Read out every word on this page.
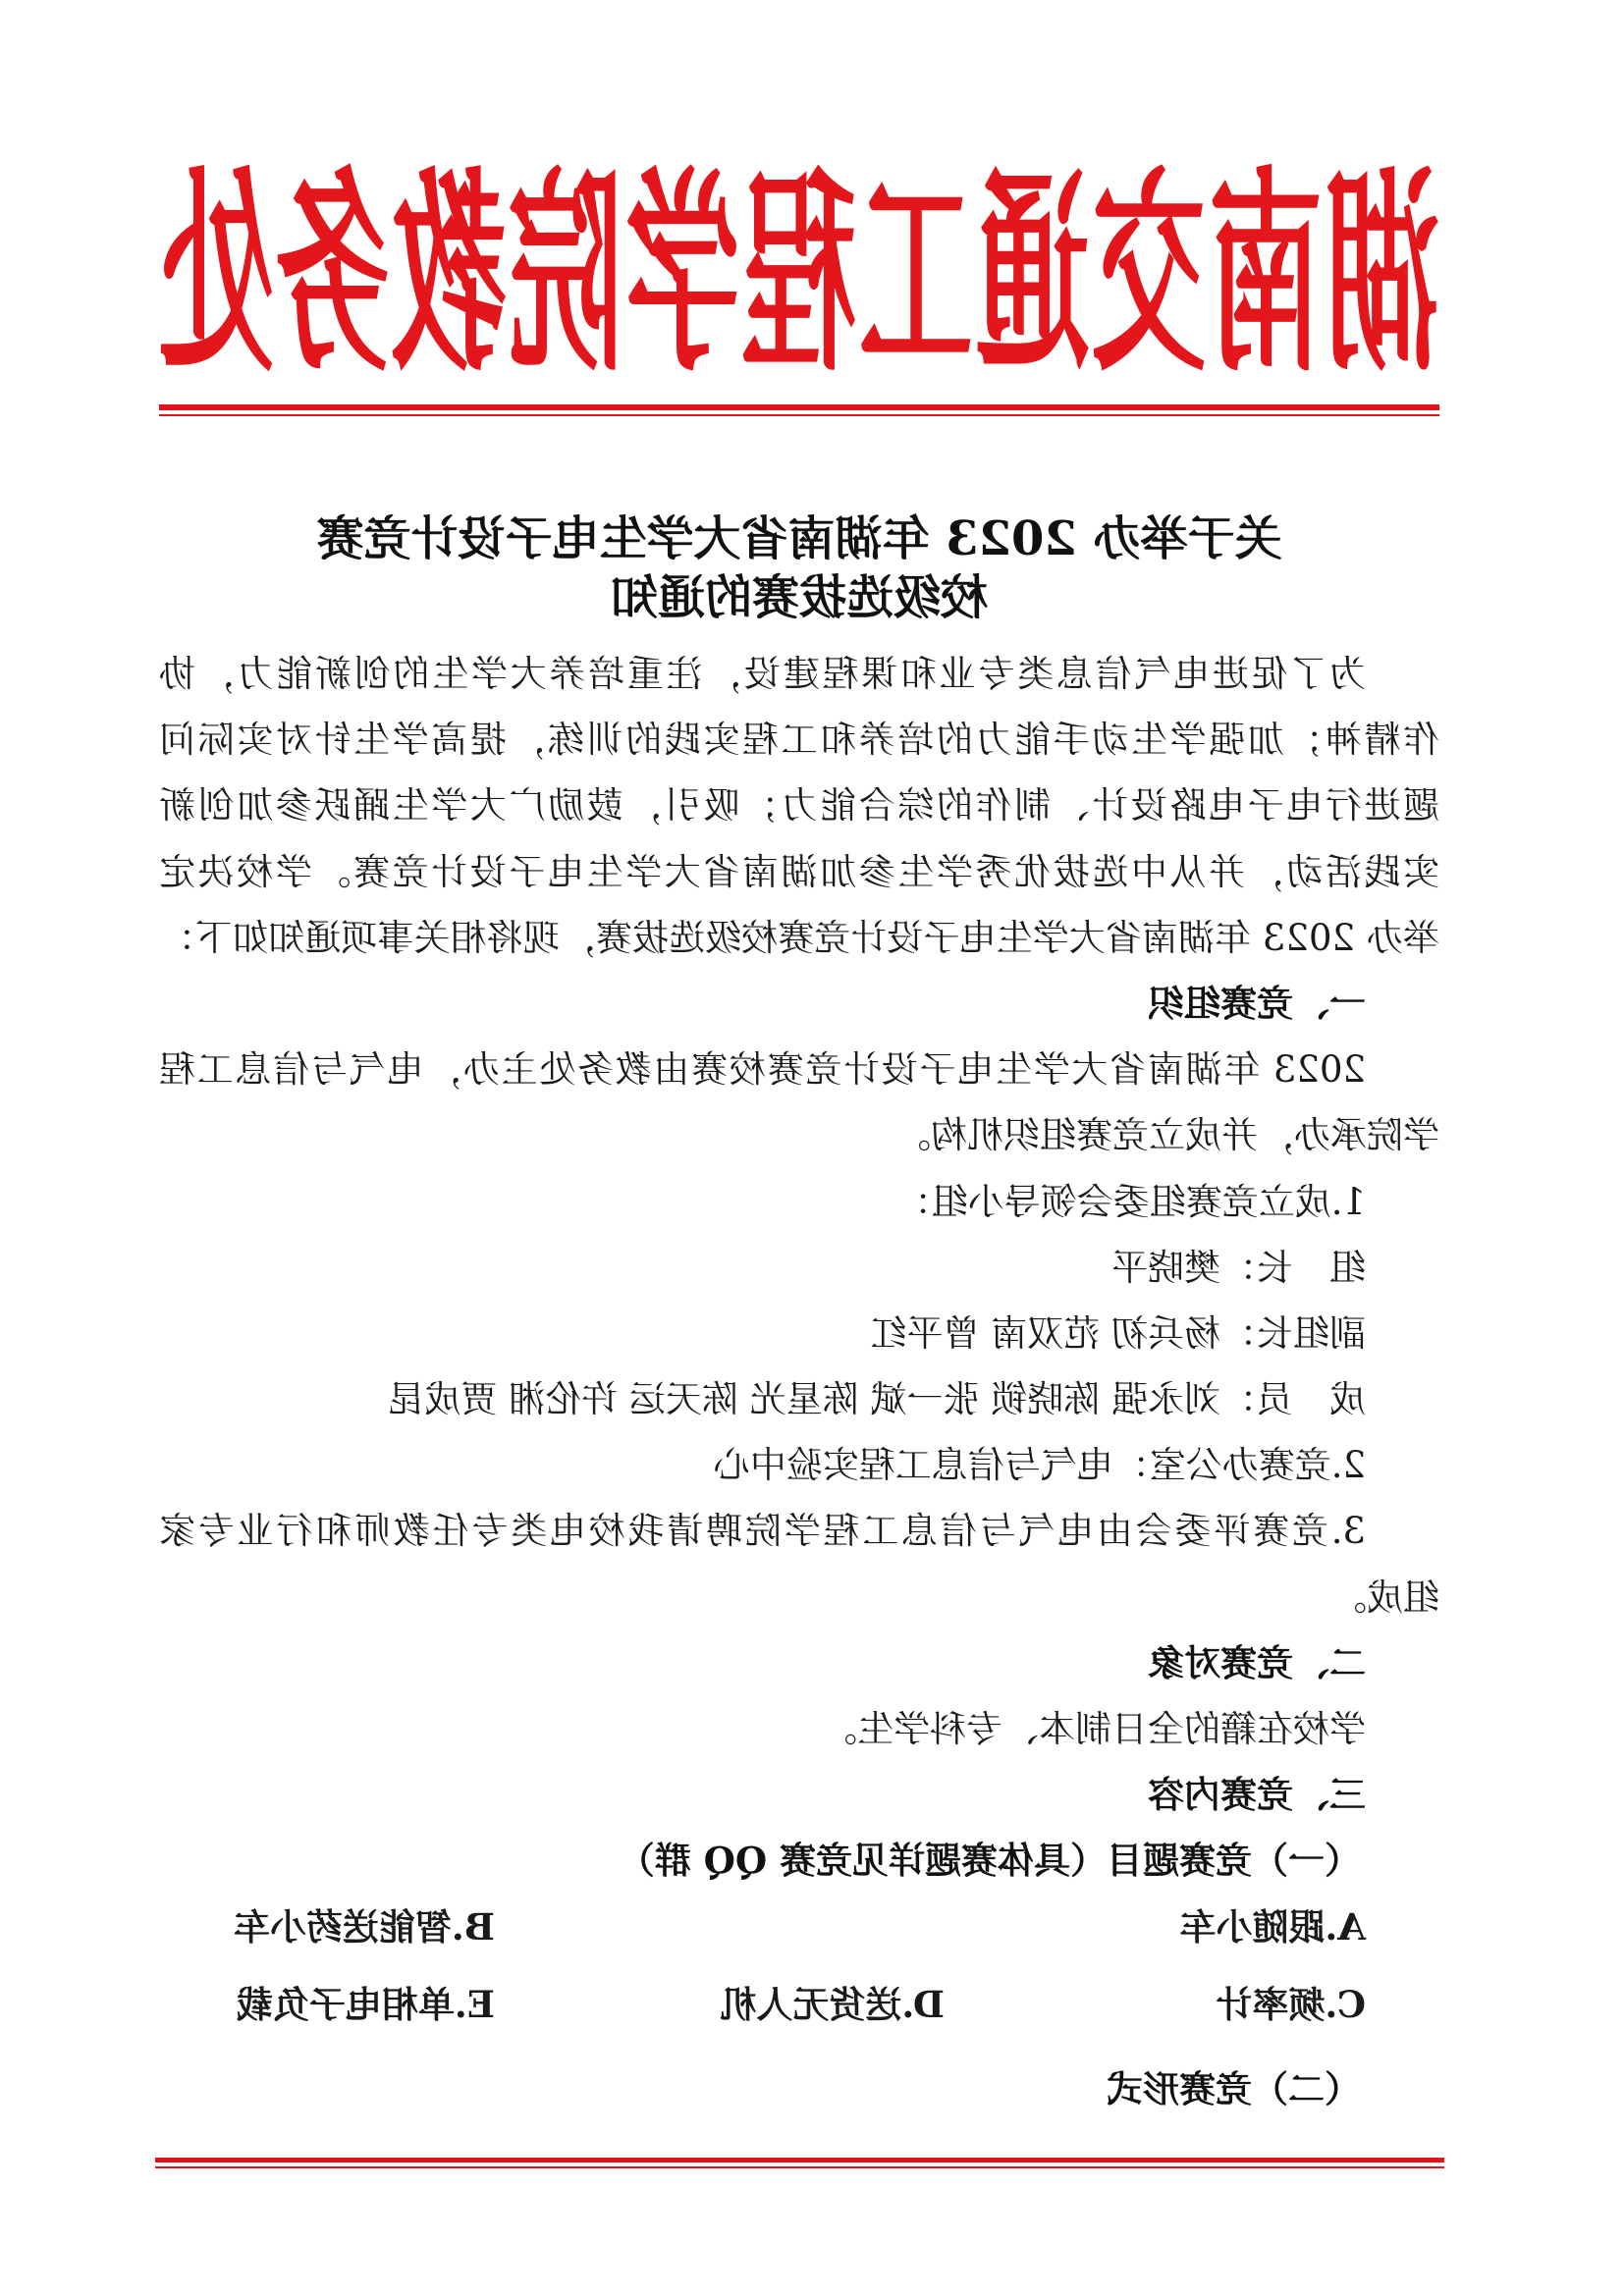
湖南交通工程学院教务处
关于举办 2023 年湖南省大学生电子设计竞赛
校级选拔赛的通知
为了促进电气信息类专业和课程建设，注重培养大学生的创新能力，协
作精神；加强学生动手能力的培养和工程实践的训练，提高学生针对实际问
题进行电子电路设计、制作的综合能力；吸引，鼓励广大学生踊跃参加创新
实践活动，并从中选拔优秀学生参加湖南省大学生电子设计竞赛。学校决定
举办 2023 年湖南省大学生电子设计竞赛校级选拔赛，现将相关事项通知如下：
一、竞赛组织
2023 年湖南省大学生电子设计竞赛校赛由教务处主办，电气与信息工程
学院承办，并成立竞赛组织机构。
1.成立竞赛组委会领导小组：
组　长：樊晓平
副组长：杨兵初 范双南 曾平红
成　员：刘永强 陈晓锁 张一斌 陈星光 陈天运 许伦湘 贾成昆
2.竞赛办公室：电气与信息工程实验中心
3.竞赛评委会由电气与信息工程学院聘请我校电类专任教师和行业专家
组成。
二、竞赛对象
学校在籍的全日制本、专科学生。
三、竞赛内容
（一）竞赛题目（具体赛题详见竞赛 QQ 群）
A.跟随小车
B.智能送药小车
C.频率计
D.送货无人机
E.单相电子负载
（二）竞赛形式
